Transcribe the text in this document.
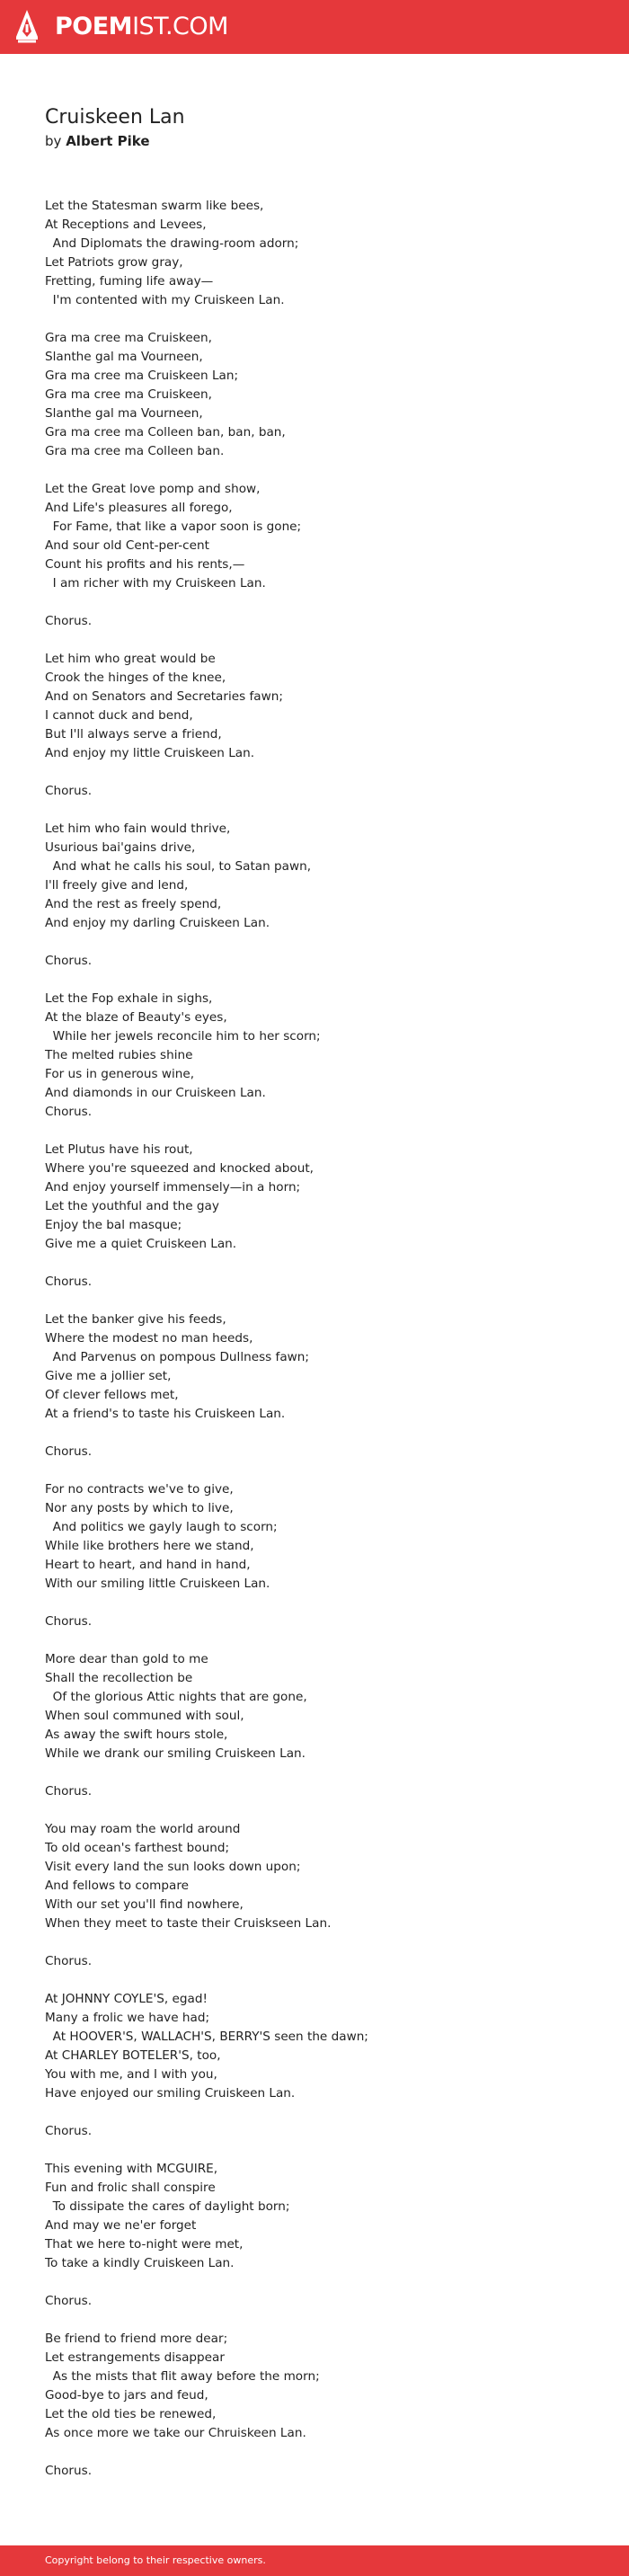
POEMIST.COM
Cruiskeen Lan
by Albert Pike
Let the Statesman swarm like bees,
At Receptions and Levees,
And Diplomats the drawing-room adorn;
Let Patriots grow gray,
Fretting, fuming life away—
I'm contented with my Cruiskeen Lan.
Gra ma cree ma Cruiskeen,
Slanthe gal ma Vourneen,
Gra ma cree ma Cruiskeen Lan;
Gra ma cree ma Cruiskeen,
Slanthe gal ma Vourneen,
Gra ma cree ma Colleen ban, ban, ban,
Gra ma cree ma Colleen ban.
Let the Great love pomp and show,
And Life's pleasures all forego,
For Fame, that like a vapor soon is gone;
And sour old Cent-per-cent
Count his profits and his rents,—
I am richer with my Cruiskeen Lan.
Chorus.
Let him who great would be
Crook the hinges of the knee,
And on Senators and Secretaries fawn;
I cannot duck and bend,
But I'll always serve a friend,
And enjoy my little Cruiskeen Lan.
Chorus.
Let him who fain would thrive,
Usurious bai'gains drive,
And what he calls his soul, to Satan pawn,
I'll freely give and lend,
And the rest as freely spend,
And enjoy my darling Cruiskeen Lan.
Chorus.
Let the Fop exhale in sighs,
At the blaze of Beauty's eyes,
While her jewels reconcile him to her scorn;
The melted rubies shine
For us in generous wine,
And diamonds in our Cruiskeen Lan.
Chorus.
Let Plutus have his rout,
Where you're squeezed and knocked about,
And enjoy yourself immensely—in a horn;
Let the youthful and the gay
Enjoy the bal masque;
Give me a quiet Cruiskeen Lan.
Chorus.
Let the banker give his feeds,
Where the modest no man heeds,
And Parvenus on pompous Dullness fawn;
Give me a jollier set,
Of clever fellows met,
At a friend's to taste his Cruiskeen Lan.
Chorus.
For no contracts we've to give,
Nor any posts by which to live,
And politics we gayly laugh to scorn;
While like brothers here we stand,
Heart to heart, and hand in hand,
With our smiling little Cruiskeen Lan.
Chorus.
More dear than gold to me
Shall the recollection be
Of the glorious Attic nights that are gone,
When soul communed with soul,
As away the swift hours stole,
While we drank our smiling Cruiskeen Lan.
Chorus.
You may roam the world around
To old ocean's farthest bound;
Visit every land the sun looks down upon;
And fellows to compare
With our set you'll find nowhere,
When they meet to taste their Cruiskseen Lan.
Chorus.
At JOHNNY COYLE'S, egad!
Many a frolic we have had;
At HOOVER'S, WALLACH'S, BERRY'S seen the dawn;
At CHARLEY BOTELER'S, too,
You with me, and I with you,
Have enjoyed our smiling Cruiskeen Lan.
Chorus.
This evening with MCGUIRE,
Fun and frolic shall conspire
To dissipate the cares of daylight born;
And may we ne'er forget
That we here to-night were met,
To take a kindly Cruiskeen Lan.
Chorus.
Be friend to friend more dear;
Let estrangements disappear
As the mists that flit away before the morn;
Good-bye to jars and feud,
Let the old ties be renewed,
As once more we take our Chruiskeen Lan.
Chorus.
Copyright belong to their respective owners.
